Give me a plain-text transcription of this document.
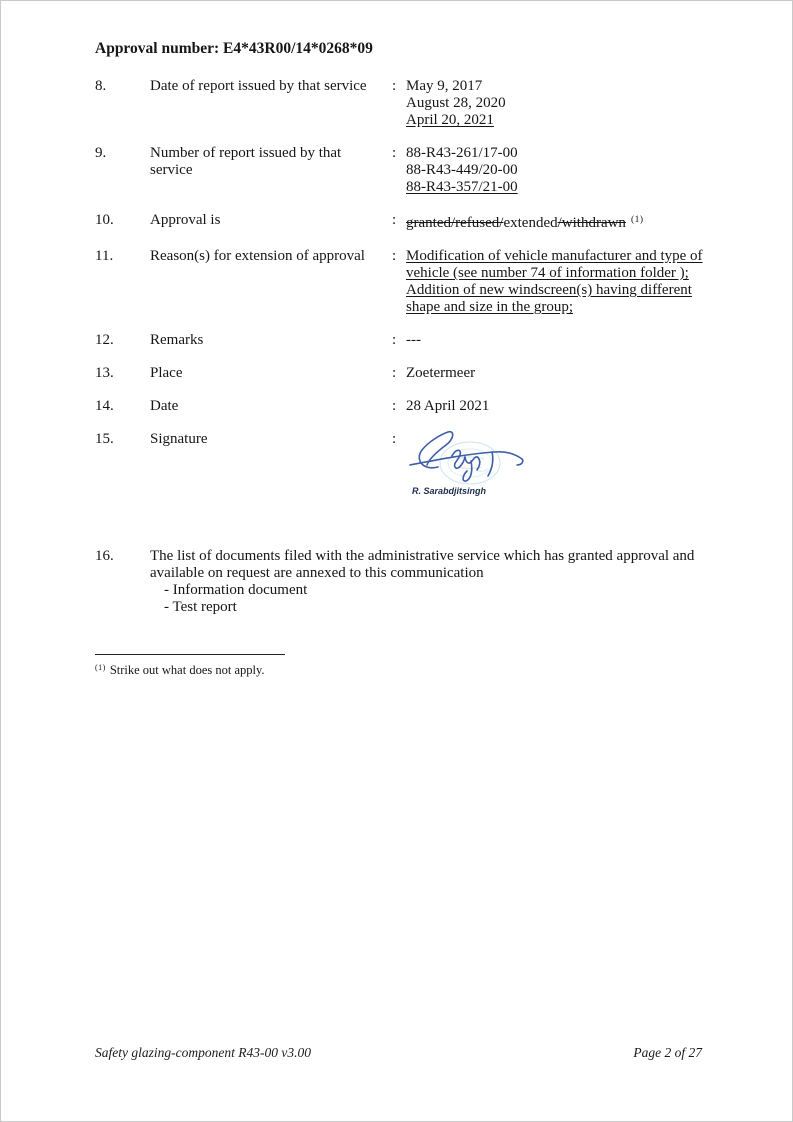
Approval number: E4*43R00/14*0268*09
8.	Date of report issued by that service	: May 9, 2017
August 28, 2020
April 20, 2021
9.	Number of report issued by that service
: 88-R43-261/17-00
88-R43-449/20-00
88-R43-357/21-00
10.	Approval is	: granted/refused/extended/withdrawn $^{(1)}$
11.	Reason(s) for extension of approval	: Modification of vehicle manufacturer and type of vehicle (see number 74 of information folder );
Addition of new windscreen(s) having different shape and size in the group;
12.	Remarks	: ---
13.	Place	: Zoetermeer
14.	Date	: 28 April 2021
15.	Signature	:
R. Sarabdjitsingh
16.	The list of documents filed with the administrative service which has granted approval and available on request are annexed to this communication
- Information document
- Test report
$^{(1)}$ Strike out what does not apply.
Safety glazing-component R43-00 v3.00	Page 2 of 27
